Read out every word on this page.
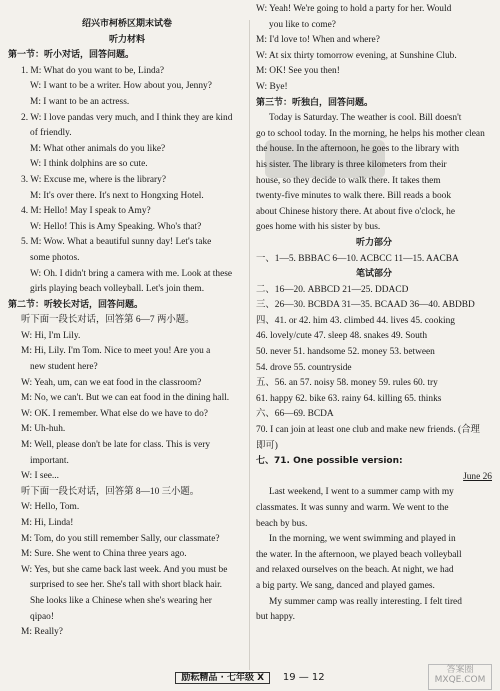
绍兴市柯桥区期末试卷
听力材料
第一节：听小对话，回答问题。
1. M: What do you want to be, Linda?
W: I want to be a writer. How about you, Jenny?
M: I want to be an actress.
2. W: I love pandas very much, and I think they are kind
of friendly.
M: What other animals do you like?
W: I think dolphins are so cute.
3. W: Excuse me, where is the library?
M: It's over there. It's next to Hongxing Hotel.
4. M: Hello! May I speak to Amy?
W: Hello! This is Amy Speaking. Who's that?
5. M: Wow. What a beautiful sunny day! Let's take
some photos.
W: Oh. I didn't bring a camera with me. Look at these
girls playing beach volleyball. Let's join them.
第二节：听较长对话，回答问题。
听下面一段长对话，回答第 6—7 两小题。
W: Hi, I'm Lily.
M: Hi, Lily. I'm Tom. Nice to meet you! Are you a
new student here?
W: Yeah, um, can we eat food in the classroom?
M: No, we can't. But we can eat food in the dining hall.
W: OK. I remember. What else do we have to do?
M: Uh-huh.
M: Well, please don't be late for class. This is very
important.
W: I see...
听下面一段长对话，回答第 8—10 三小题。
W: Hello, Tom.
M: Hi, Linda!
M: Tom, do you still remember Sally, our classmate?
M: Sure. She went to China three years ago.
W: Yes, but she came back last week. And you must be
surprised to see her. She's tall with short black hair.
She looks like a Chinese when she's wearing her
qipao!
M: Really?
W: Yeah! We're going to hold a party for her. Would
you like to come?
M: I'd love to! When and where?
W: At six thirty tomorrow evening, at Sunshine Club.
M: OK! See you then!
W: Bye!
第三节：听独白，回答问题。
Today is Saturday. The weather is cool. Bill doesn't
go to school today. In the morning, he helps his mother clean
the house. In the afternoon, he goes to the library with
his sister. The library is three kilometers from their
house, so they decide to walk there. It takes them
twenty-five minutes to walk there. Bill reads a book
about Chinese history there. At about five o'clock, he
goes home with his sister by bus.
听力部分
一、1—5. BBBAC 6—10. ACBCC 11—15. AACBA
笔试部分
二、16—20. ABBCD 21—25. DDACD
三、26—30. BCBDA 31—35. BCAAD 36—40. ABDBD
四、41. or 42. him 43. climbed 44. lives 45. cooking
46. lovely/cute 47. sleep 48. snakes 49. South
50. never 51. handsome 52. money 53. between
54. drove 55. countryside
五、56. an 57. noisy 58. money 59. rules 60. try
61. happy 62. bike 63. rainy 64. killing 65. thinks
六、66—69. BCDA
70. I can join at least one club and make new friends. (合理
即可)
七、71. One possible version:
June 26
Last weekend, I went to a summer camp with my
classmates. It was sunny and warm. We went to the
beach by bus.
In the morning, we went swimming and played in
the water. In the afternoon, we played beach volleyball
and relaxed ourselves on the beach. At night, we had
a big party. We sang, danced and played games.
My summer camp was really interesting. I felt tired
but happy.
励耘精品 · 七年级 X 19 — 12
答案圈 MXQE.COM
